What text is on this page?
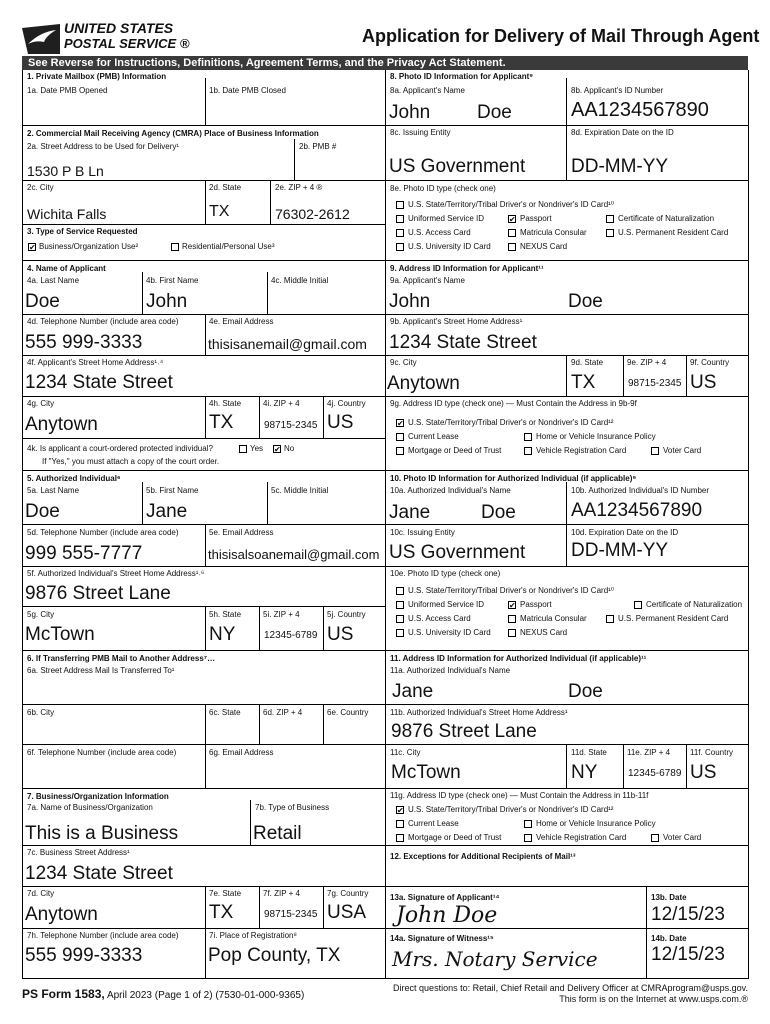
UNITED STATES
POSTAL SERVICE ®	Application for Delivery of Mail Through Agent
See Reverse for Instructions, Definitions, Agreement Terms, and the Privacy Act Statement.
1. Private Mailbox (PMB) Information
1a. Date PMB Opened	1b. Date PMB Closed
2. Commercial Mail Receiving Agency (CMRA) Place of Business Information
2a. Street Address to be Used for Delivery¹	2b. PMB #
1530 P B Ln
2c. City	2d. State	2e. ZIP + 4 ®
Wichita Falls	TX	76302-2612
3. Type of Service Requested
✔ Business/Organization Use²	Residential/Personal Use³
4. Name of Applicant
4a. Last Name	4b. First Name	4c. Middle Initial
Doe	John
4d. Telephone Number (include area code)	4e. Email Address
555 999-3333	thisisanemail@gmail.com
4f. Applicant's Street Home Address¹˒⁴
1234 State Street
4g. City	4h. State	4i. ZIP + 4	4j. Country
Anytown	TX	98715-2345 US
4k. Is applicant a court-ordered protected individual?	Yes ✔ No
If "Yes," you must attach a copy of the court order.
5. Authorized Individual⁶
5a. Last Name	5b. First Name	5c. Middle Initial
Doe	Jane
5d. Telephone Number (include area code)	5e. Email Address
999 555-7777	thisisalsoanemail@gmail.com
5f. Authorized Individual's Street Home Address¹˒⁶
9876 Street Lane
5g. City	5h. State	5i. ZIP + 4	5j. Country
McTown	NY	12345-6789 US
6. If Transferring PMB Mail to Another Address⁷…
6a. Street Address Mail Is Transferred To¹
6b. City	6c. State	6d. ZIP + 4	6e. Country
6f. Telephone Number (include area code)	6g. Email Address
7. Business/Organization Information
7a. Name of Business/Organization	7b. Type of Business
This is a Business	Retail
7c. Business Street Address¹
1234 State Street
7d. City	7e. State	7f. ZIP + 4	7g. Country
Anytown	TX	98715-2345 USA
7h. Telephone Number (include area code)	7i. Place of Registration⁸
555 999-3333	Pop County, TX
8. Photo ID Information for Applicant⁹
8a. Applicant's Name	8b. Applicant's ID Number
John Doe	AA1234567890
8c. Issuing Entity	8d. Expiration Date on the ID
US Government DD-MM-YY
8e. Photo ID type (check one)
U.S. State/Territory/Tribal Driver's or Nondriver's ID Card¹⁰
Uniformed Service ID	✔ Passport	Certificate of Naturalization
U.S. Access Card	Matricula Consular	U.S. Permanent Resident Card
U.S. University ID Card	NEXUS Card
9. Address ID Information for Applicant¹¹
9a. Applicant's Name
John	Doe
9b. Applicant's Street Home Address¹
1234 State Street
9c. City	9d. State	9e. ZIP + 4	9f. Country
Anytown	TX	98715-2345 US
9g. Address ID type (check one) — Must Contain the Address in 9b-9f
✔ U.S. State/Territory/Tribal Driver's or Nondriver's ID Card¹²
Current Lease	Home or Vehicle Insurance Policy
Mortgage or Deed of Trust	Vehicle Registration Card	Voter Card
10. Photo ID Information for Authorized Individual (if applicable)⁹
10a. Authorized Individual's Name	10b. Authorized Individual's ID Number
Jane	Doe	AA1234567890
10c. Issuing Entity	10d. Expiration Date on the ID
US Government DD-MM-YY
10e. Photo ID type (check one)
U.S. State/Territory/Tribal Driver's or Nondriver's ID Card¹⁰
Uniformed Service ID	✔ Passport	Certificate of Naturalization
U.S. Access Card	Matricula Consular	U.S. Permanent Resident Card
U.S. University ID Card	NEXUS Card
11. Address ID Information for Authorized Individual (if applicable)¹¹
11a. Authorized Individual's Name
Jane	Doe
11b. Authorized Individual's Street Home Address¹
9876 Street Lane
11c. City	11d. State	11e. ZIP + 4 11f. Country
McTown	NY	12345-6789 US
11g. Address ID type (check one) — Must Contain the Address in 11b-11f
✔ U.S. State/Territory/Tribal Driver's or Nondriver's ID Card¹²
Current Lease	Home or Vehicle Insurance Policy
Mortgage or Deed of Trust	Vehicle Registration Card	Voter Card
12. Exceptions for Additional Recipients of Mail¹³
13a. Signature of Applicant¹⁴	13b. Date
John Doe	12/15/23
14a. Signature of Witness¹⁵	14b. Date
Mrs. Notary Service	12/15/23
PS Form 1583, April 2023 (Page 1 of 2) (7530-01-000-9365)
Direct questions to: Retail, Chief Retail and Delivery Officer at CMRAprogram@usps.gov.
This form is on the Internet at www.usps.com.®
